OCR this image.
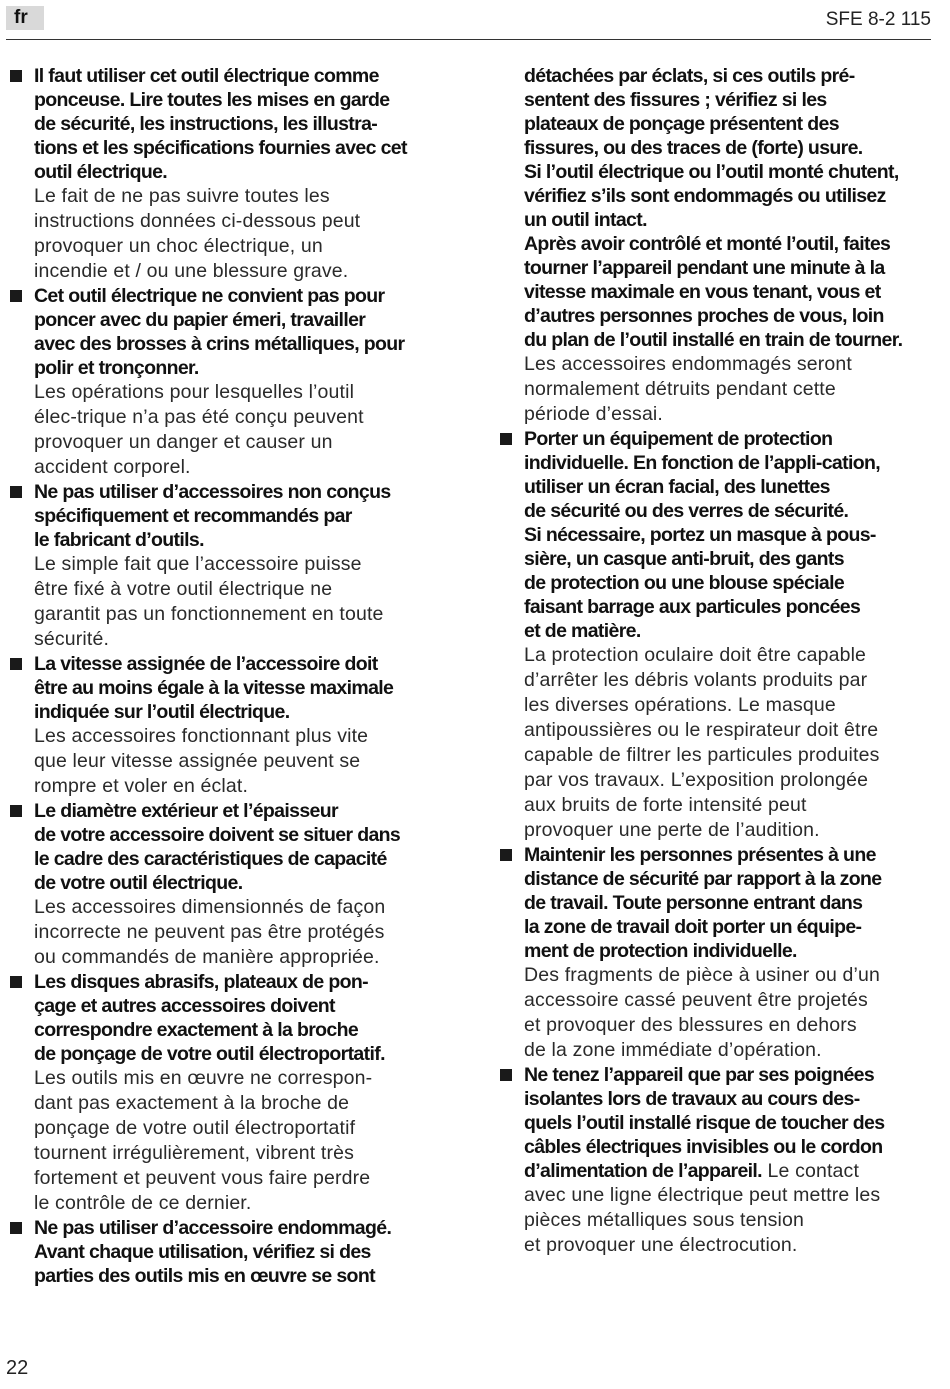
fr	SFE 8-2 115
Il faut utiliser cet outil électrique comme
ponceuse. Lire toutes les mises en garde
de sécurité, les instructions, les illustra-
tions et les spécifications fournies avec cet
outil électrique.
Le fait de ne pas suivre toutes les
instructions données ci-dessous peut
provoquer un choc électrique, un
incendie et / ou une blessure grave.
Cet outil électrique ne convient pas pour
poncer avec du papier émeri, travailler
avec des brosses à crins métalliques, pour
polir et tronçonner.
Les opérations pour lesquelles l’outil
élec-trique n’a pas été conçu peuvent
provoquer un danger et causer un
accident corporel.
Ne pas utiliser d’accessoires non conçus
spécifiquement et recommandés par
le fabricant d’outils.
Le simple fait que l’accessoire puisse
être fixé à votre outil électrique ne
garantit pas un fonctionnement en toute
sécurité.
La vitesse assignée de l’accessoire doit
être au moins égale à la vitesse maximale
indiquée sur l’outil électrique.
Les accessoires fonctionnant plus vite
que leur vitesse assignée peuvent se
rompre et voler en éclat.
Le diamètre extérieur et l’épaisseur
de votre accessoire doivent se situer dans
le cadre des caractéristiques de capacité
de votre outil électrique.
Les accessoires dimensionnés de façon
incorrecte ne peuvent pas être protégés
ou commandés de manière appropriée.
Les disques abrasifs, plateaux de pon-
çage et autres accessoires doivent
correspondre exactement à la broche
de ponçage de votre outil électroportatif.
Les outils mis en œuvre ne correspon-
dant pas exactement à la broche de
ponçage de votre outil électroportatif
tournent irrégulièrement, vibrent très
fortement et peuvent vous faire perdre
le contrôle de ce dernier.
Ne pas utiliser d’accessoire endommagé.
Avant chaque utilisation, vérifiez si des
parties des outils mis en œuvre se sont
détachées par éclats, si ces outils pré-
sentent des fissures ; vérifiez si les
plateaux de ponçage présentent des
fissures, ou des traces de (forte) usure.
Si l’outil électrique ou l’outil monté chutent,
vérifiez s’ils sont endommagés ou utilisez
un outil intact.
Après avoir contrôlé et monté l’outil, faites
tourner l’appareil pendant une minute à la
vitesse maximale en vous tenant, vous et
d’autres personnes proches de vous, loin
du plan de l’outil installé en train de tourner.
Les accessoires endommagés seront
normalement détruits pendant cette
période d’essai.
Porter un équipement de protection
individuelle. En fonction de l’appli-cation,
utiliser un écran facial, des lunettes
de sécurité ou des verres de sécurité.
Si nécessaire, portez un masque à pous-
sière, un casque anti-bruit, des gants
de protection ou une blouse spéciale
faisant barrage aux particules poncées
et de matière.
La protection oculaire doit être capable
d’arrêter les débris volants produits par
les diverses opérations. Le masque
antipoussières ou le respirateur doit être
capable de filtrer les particules produites
par vos travaux. L’exposition prolongée
aux bruits de forte intensité peut
provoquer une perte de l’audition.
Maintenir les personnes présentes à une
distance de sécurité par rapport à la zone
de travail. Toute personne entrant dans
la zone de travail doit porter un équipe-
ment de protection individuelle.
Des fragments de pièce à usiner ou d’un
accessoire cassé peuvent être projetés
et provoquer des blessures en dehors
de la zone immédiate d’opération.
Ne tenez l’appareil que par ses poignées
isolantes lors de travaux au cours des-
quels l’outil installé risque de toucher des
câbles électriques invisibles ou le cordon
d’alimentation de l’appareil. Le contact
avec une ligne électrique peut mettre les
pièces métalliques sous tension
et provoquer une électrocution.
22
